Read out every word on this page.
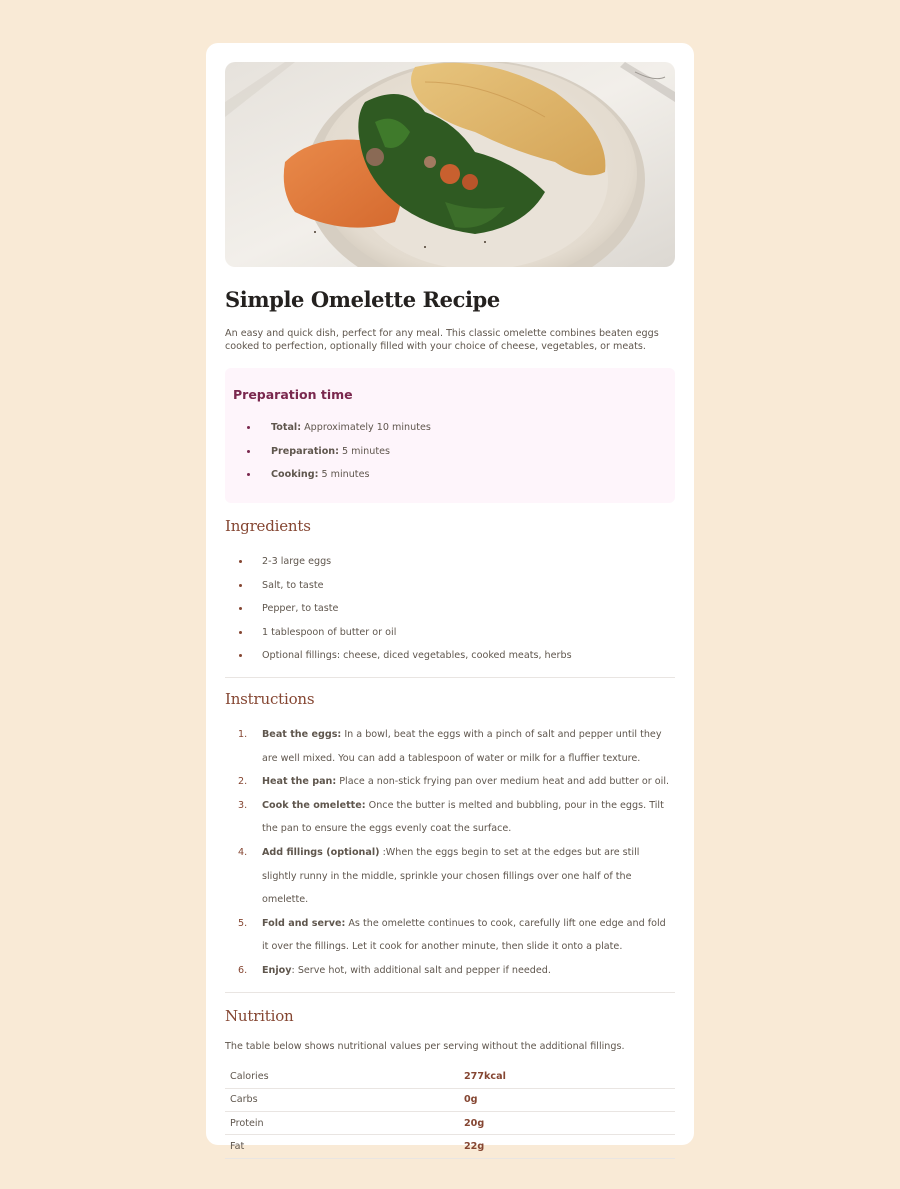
Simple Omelette Recipe

An easy and quick dish, perfect for any meal. This classic omelette combines beaten eggs cooked to perfection, optionally filled with your choice of cheese, vegetables, or meats.

Preparation time
Total: Approximately 10 minutes
Preparation: 5 minutes
Cooking: 5 minutes
Ingredients
2-3 large eggs
Salt, to taste
Pepper, to taste
1 tablespoon of butter or oil
Optional fillings: cheese, diced vegetables, cooked meats, herbs
Instructions
1. Beat the eggs: In a bowl, beat the eggs with a pinch of salt and pepper until they are well mixed. You can add a tablespoon of water or milk for a fluffier texture.
2. Heat the pan: Place a non-stick frying pan over medium heat and add butter or oil.
3. Cook the omelette: Once the butter is melted and bubbling, pour in the eggs. Tilt the pan to ensure the eggs evenly coat the surface.
4. Add fillings (optional) :When the eggs begin to set at the edges but are still slightly runny in the middle, sprinkle your chosen fillings over one half of the omelette.
5. Fold and serve: As the omelette continues to cook, carefully lift one edge and fold it over the fillings. Let it cook for another minute, then slide it onto a plate.
6. Enjoy: Serve hot, with additional salt and pepper if needed.
Nutrition

The table below shows nutritional values per serving without the additional fillings.

Calories	277kcal
Carbs	0g
Protein	20g
Fat	22g
